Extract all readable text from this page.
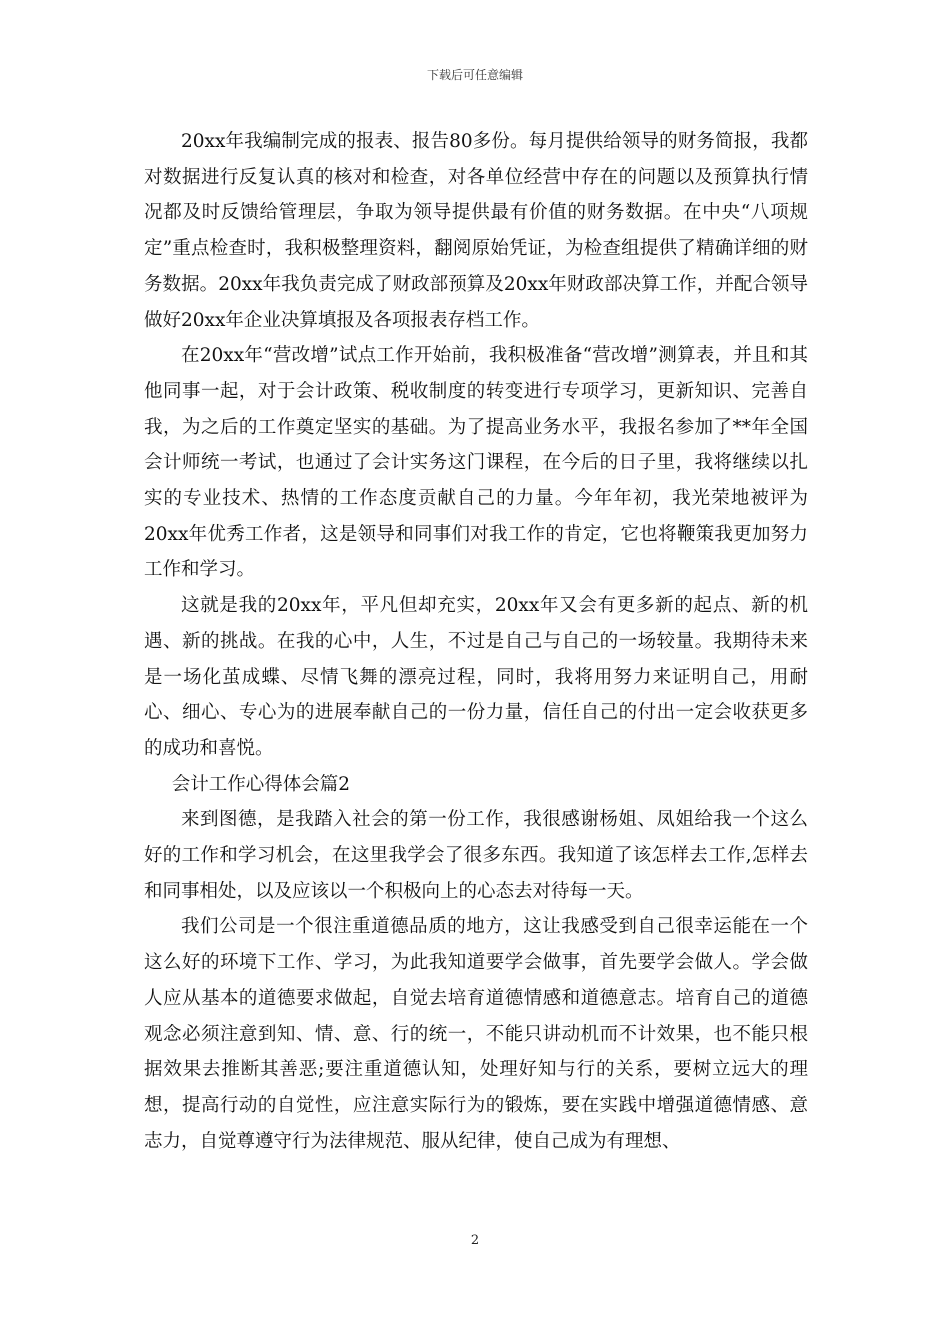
下载后可任意编辑

20xx年我编制完成的报表、报告80多份。每月提供给领导的财务简报，我都对数据进行反复认真的核对和检查，对各单位经营中存在的问题以及预算执行情况都及时反馈给管理层，争取为领导提供最有价值的财务数据。在中央“八项规定”重点检查时，我积极整理资料，翻阅原始凭证，为检查组提供了精确详细的财务数据。20xx年我负责完成了财政部预算及20xx年财政部决算工作，并配合领导做好20xx年企业决算填报及各项报表存档工作。

在20xx年“营改增”试点工作开始前，我积极准备“营改增”测算表，并且和其他同事一起，对于会计政策、税收制度的转变进行专项学习，更新知识、完善自我，为之后的工作奠定坚实的基础。为了提高业务水平，我报名参加了**年全国会计师统一考试，也通过了会计实务这门课程，在今后的日子里，我将继续以扎实的专业技术、热情的工作态度贡献自己的力量。今年年初，我光荣地被评为20xx年优秀工作者，这是领导和同事们对我工作的肯定，它也将鞭策我更加努力工作和学习。

这就是我的20xx年，平凡但却充实，20xx年又会有更多新的起点、新的机遇、新的挑战。在我的心中，人生，不过是自己与自己的一场较量。我期待未来是一场化茧成蝶、尽情飞舞的漂亮过程，同时，我将用努力来证明自己，用耐心、细心、专心为的进展奉献自己的一份力量，信任自己的付出一定会收获更多的成功和喜悦。

会计工作心得体会篇2

来到图德，是我踏入社会的第一份工作，我很感谢杨姐、凤姐给我一个这么好的工作和学习机会，在这里我学会了很多东西。我知道了该怎样去工作,怎样去和同事相处，以及应该以一个积极向上的心态去对待每一天。

我们公司是一个很注重道德品质的地方，这让我感受到自己很幸运能在一个这么好的环境下工作、学习，为此我知道要学会做事，首先要学会做人。学会做人应从基本的道德要求做起，自觉去培育道德情感和道德意志。培育自己的道德观念必须注意到知、情、意、行的统一，不能只讲动机而不计效果，也不能只根据效果去推断其善恶;要注重道德认知，处理好知与行的关系，要树立远大的理想，提高行动的自觉性，应注意实际行为的锻炼，要在实践中增强道德情感、意志力，自觉尊遵守行为法律规范、服从纪律，使自己成为有理想、

2
